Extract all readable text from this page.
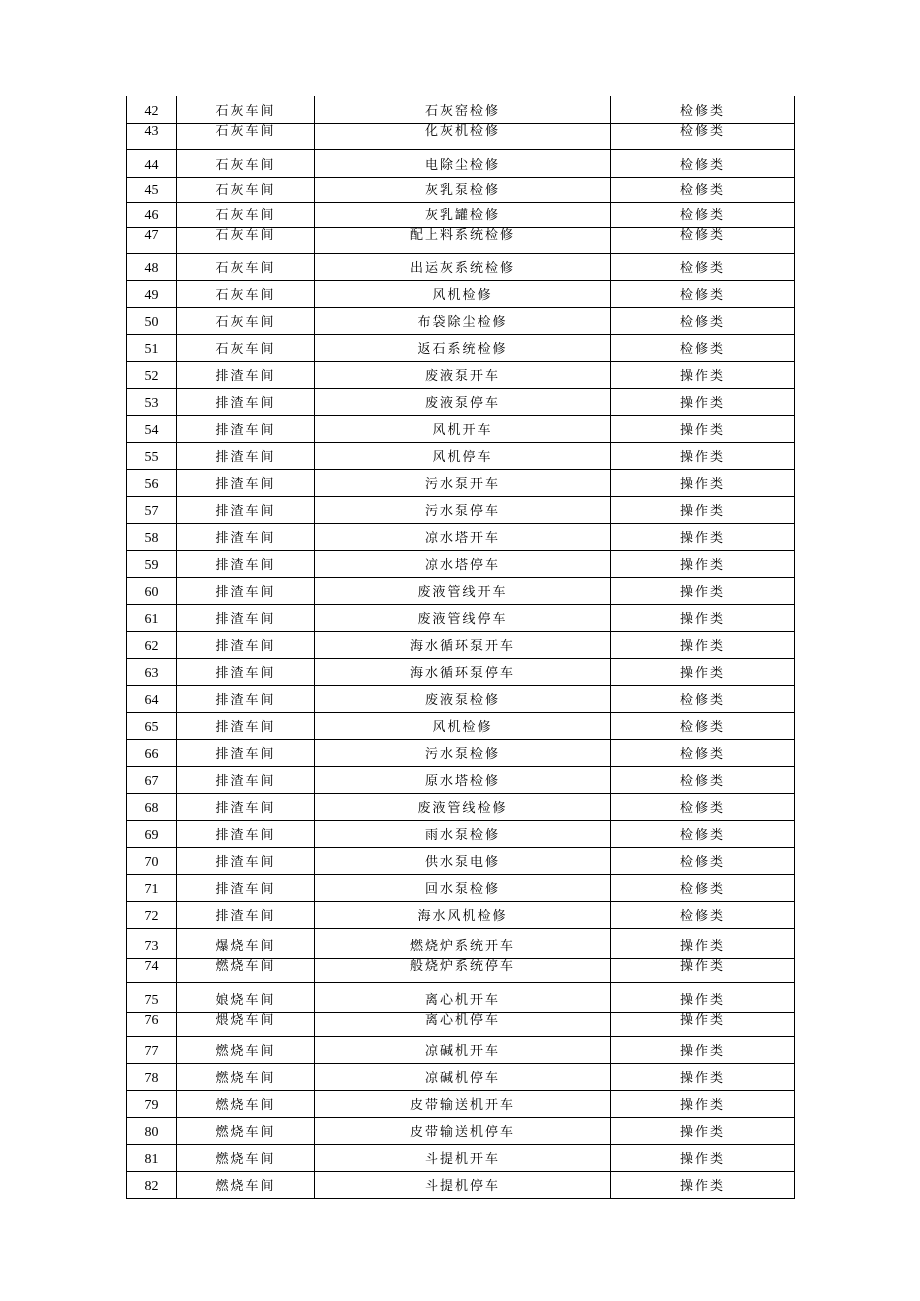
42	石灰车间	石灰窑检修	检修类
43	石灰车间	化灰机检修	检修类
44	石灰车间	电除尘检修	检修类
45	石灰车间	灰乳泵检修	检修类
46	石灰车间	灰乳罐检修	检修类
47	石灰车间	配上料系统检修	检修类
48	石灰车间	出运灰系统检修	检修类
49	石灰车间	风机检修	检修类
50	石灰车间	布袋除尘检修	检修类
51	石灰车间	返石系统检修	检修类
52	排渣车间	废液泵开车	操作类
53	排渣车间	废液泵停车	操作类
54	排渣车间	风机开车	操作类
55	排渣车间	风机停车	操作类
56	排渣车间	污水泵开车	操作类
57	排渣车间	污水泵停车	操作类
58	排渣车间	凉水塔开车	操作类
59	排渣车间	凉水塔停车	操作类
60	排渣车间	废液管线开车	操作类
61	排渣车间	废液管线停车	操作类
62	排渣车间	海水循环泵开车	操作类
63	排渣车间	海水循环泵停车	操作类
64	排渣车间	废液泵检修	检修类
65	排渣车间	风机检修	检修类
66	排渣车间	污水泵检修	检修类
67	排渣车间	原水塔检修	检修类
68	排渣车间	废液管线检修	检修类
69	排渣车间	雨水泵检修	检修类
70	排渣车间	供水泵电修	检修类
71	排渣车间	回水泵检修	检修类
72	排渣车间	海水风机检修	检修类
73	爆烧车间	燃烧炉系统开车	操作类
74	燃烧车间	般烧炉系统停车	操作类
75	娘烧车间	离心机开车	操作类
76	煨烧车间	离心机停车	操作类
77	燃烧车间	凉碱机开车	操作类
78	燃烧车间	凉碱机停车	操作类
79	燃烧车间	皮带输送机开车	操作类
80	燃烧车间	皮带输送机停车	操作类
81	燃烧车间	斗提机开车	操作类
82	燃烧车间	斗提机停车	操作类
